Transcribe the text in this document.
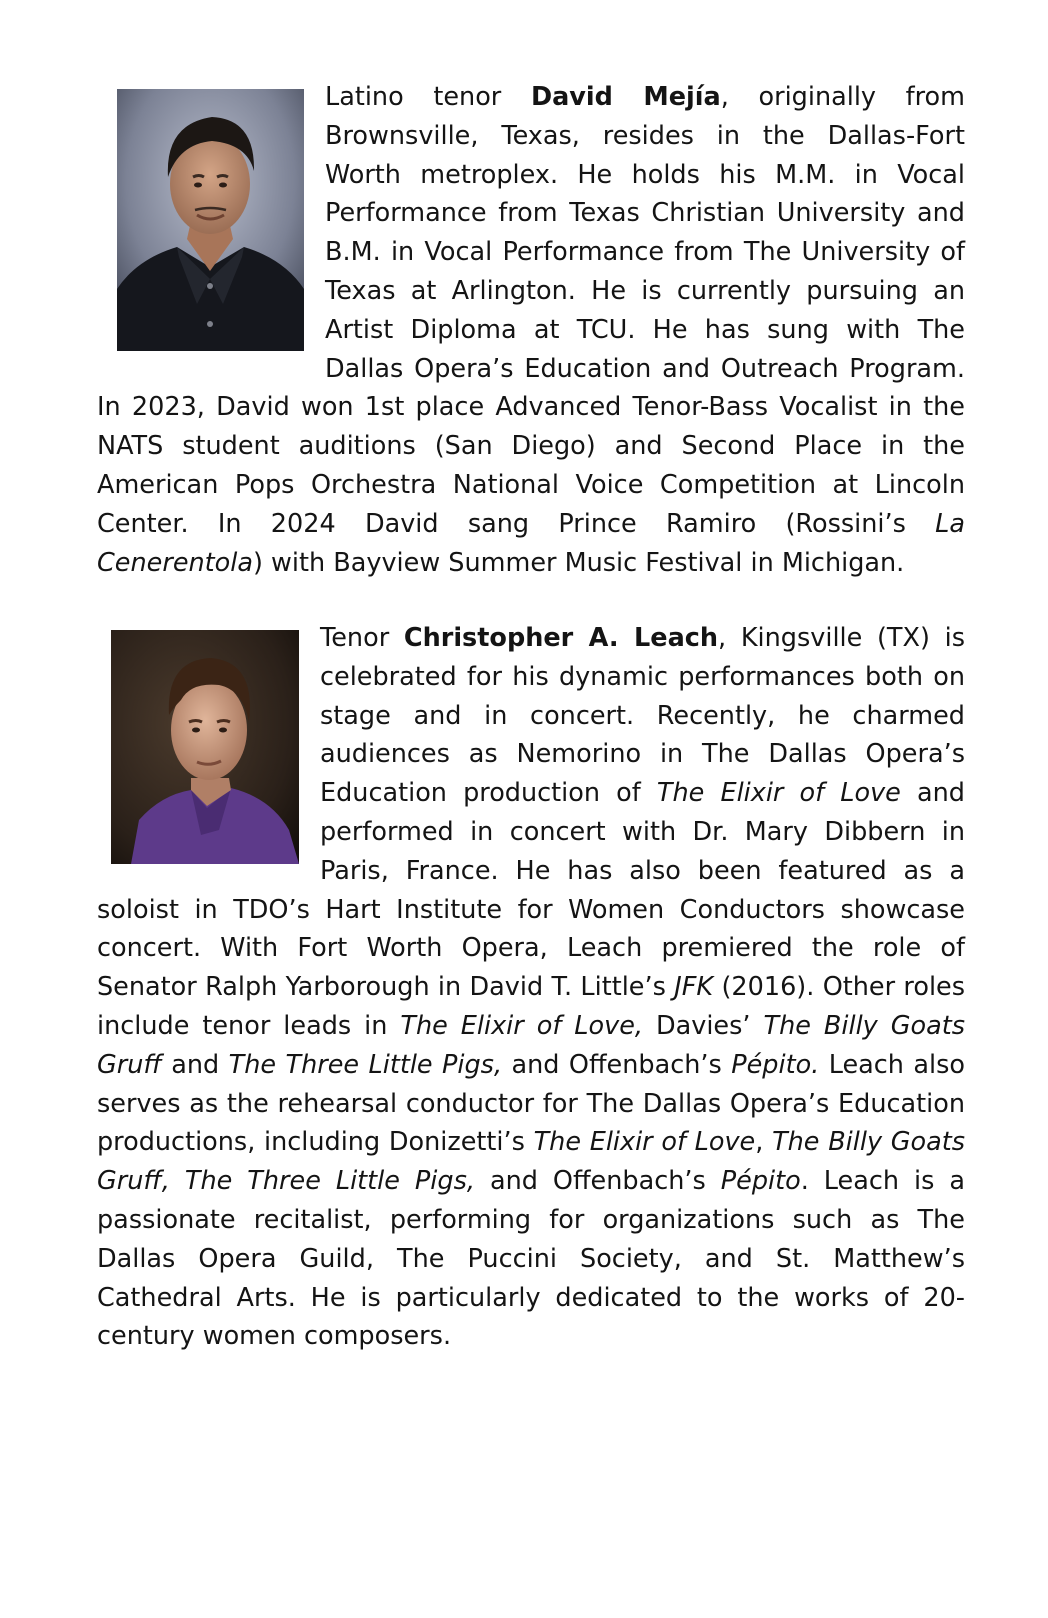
Latino tenor David Mejía, originally from Brownsville, Texas, resides in the Dallas-Fort Worth metroplex. He holds his M.M. in Vocal Performance from Texas Christian University and B.M. in Vocal Performance from The University of Texas at Arlington. He is currently pursuing an Artist Diploma at TCU. He has sung with The Dallas Opera’s Education and Outreach Program. In 2023, David won 1st place Advanced Tenor-Bass Vocalist in the NATS student auditions (San Diego) and Second Place in the American Pops Orchestra National Voice Competition at Lincoln Center. In 2024 David sang Prince Ramiro (Rossini’s La Cenerentola) with Bayview Summer Music Festival in Michigan.
Tenor Christopher A. Leach, Kingsville (TX) is celebrated for his dynamic performances both on stage and in concert. Recently, he charmed audiences as Nemorino in The Dallas Opera’s Education production of The Elixir of Love and performed in concert with Dr. Mary Dibbern in Paris, France. He has also been featured as a soloist in TDO’s Hart Institute for Women Conductors showcase concert. With Fort Worth Opera, Leach premiered the role of Senator Ralph Yarborough in David T. Little’s JFK (2016). Other roles include tenor leads in The Elixir of Love, Davies’ The Billy Goats Gruff and The Three Little Pigs, and Offenbach’s Pépito. Leach also serves as the rehearsal conductor for The Dallas Opera’s Education productions, including Donizetti’s The Elixir of Love, The Billy Goats Gruff, The Three Little Pigs, and Offenbach’s Pépito. Leach is a passionate recitalist, performing for organizations such as The Dallas Opera Guild, The Puccini Society, and St. Matthew’s Cathedral Arts. He is particularly dedicated to the works of 20-century women composers.
